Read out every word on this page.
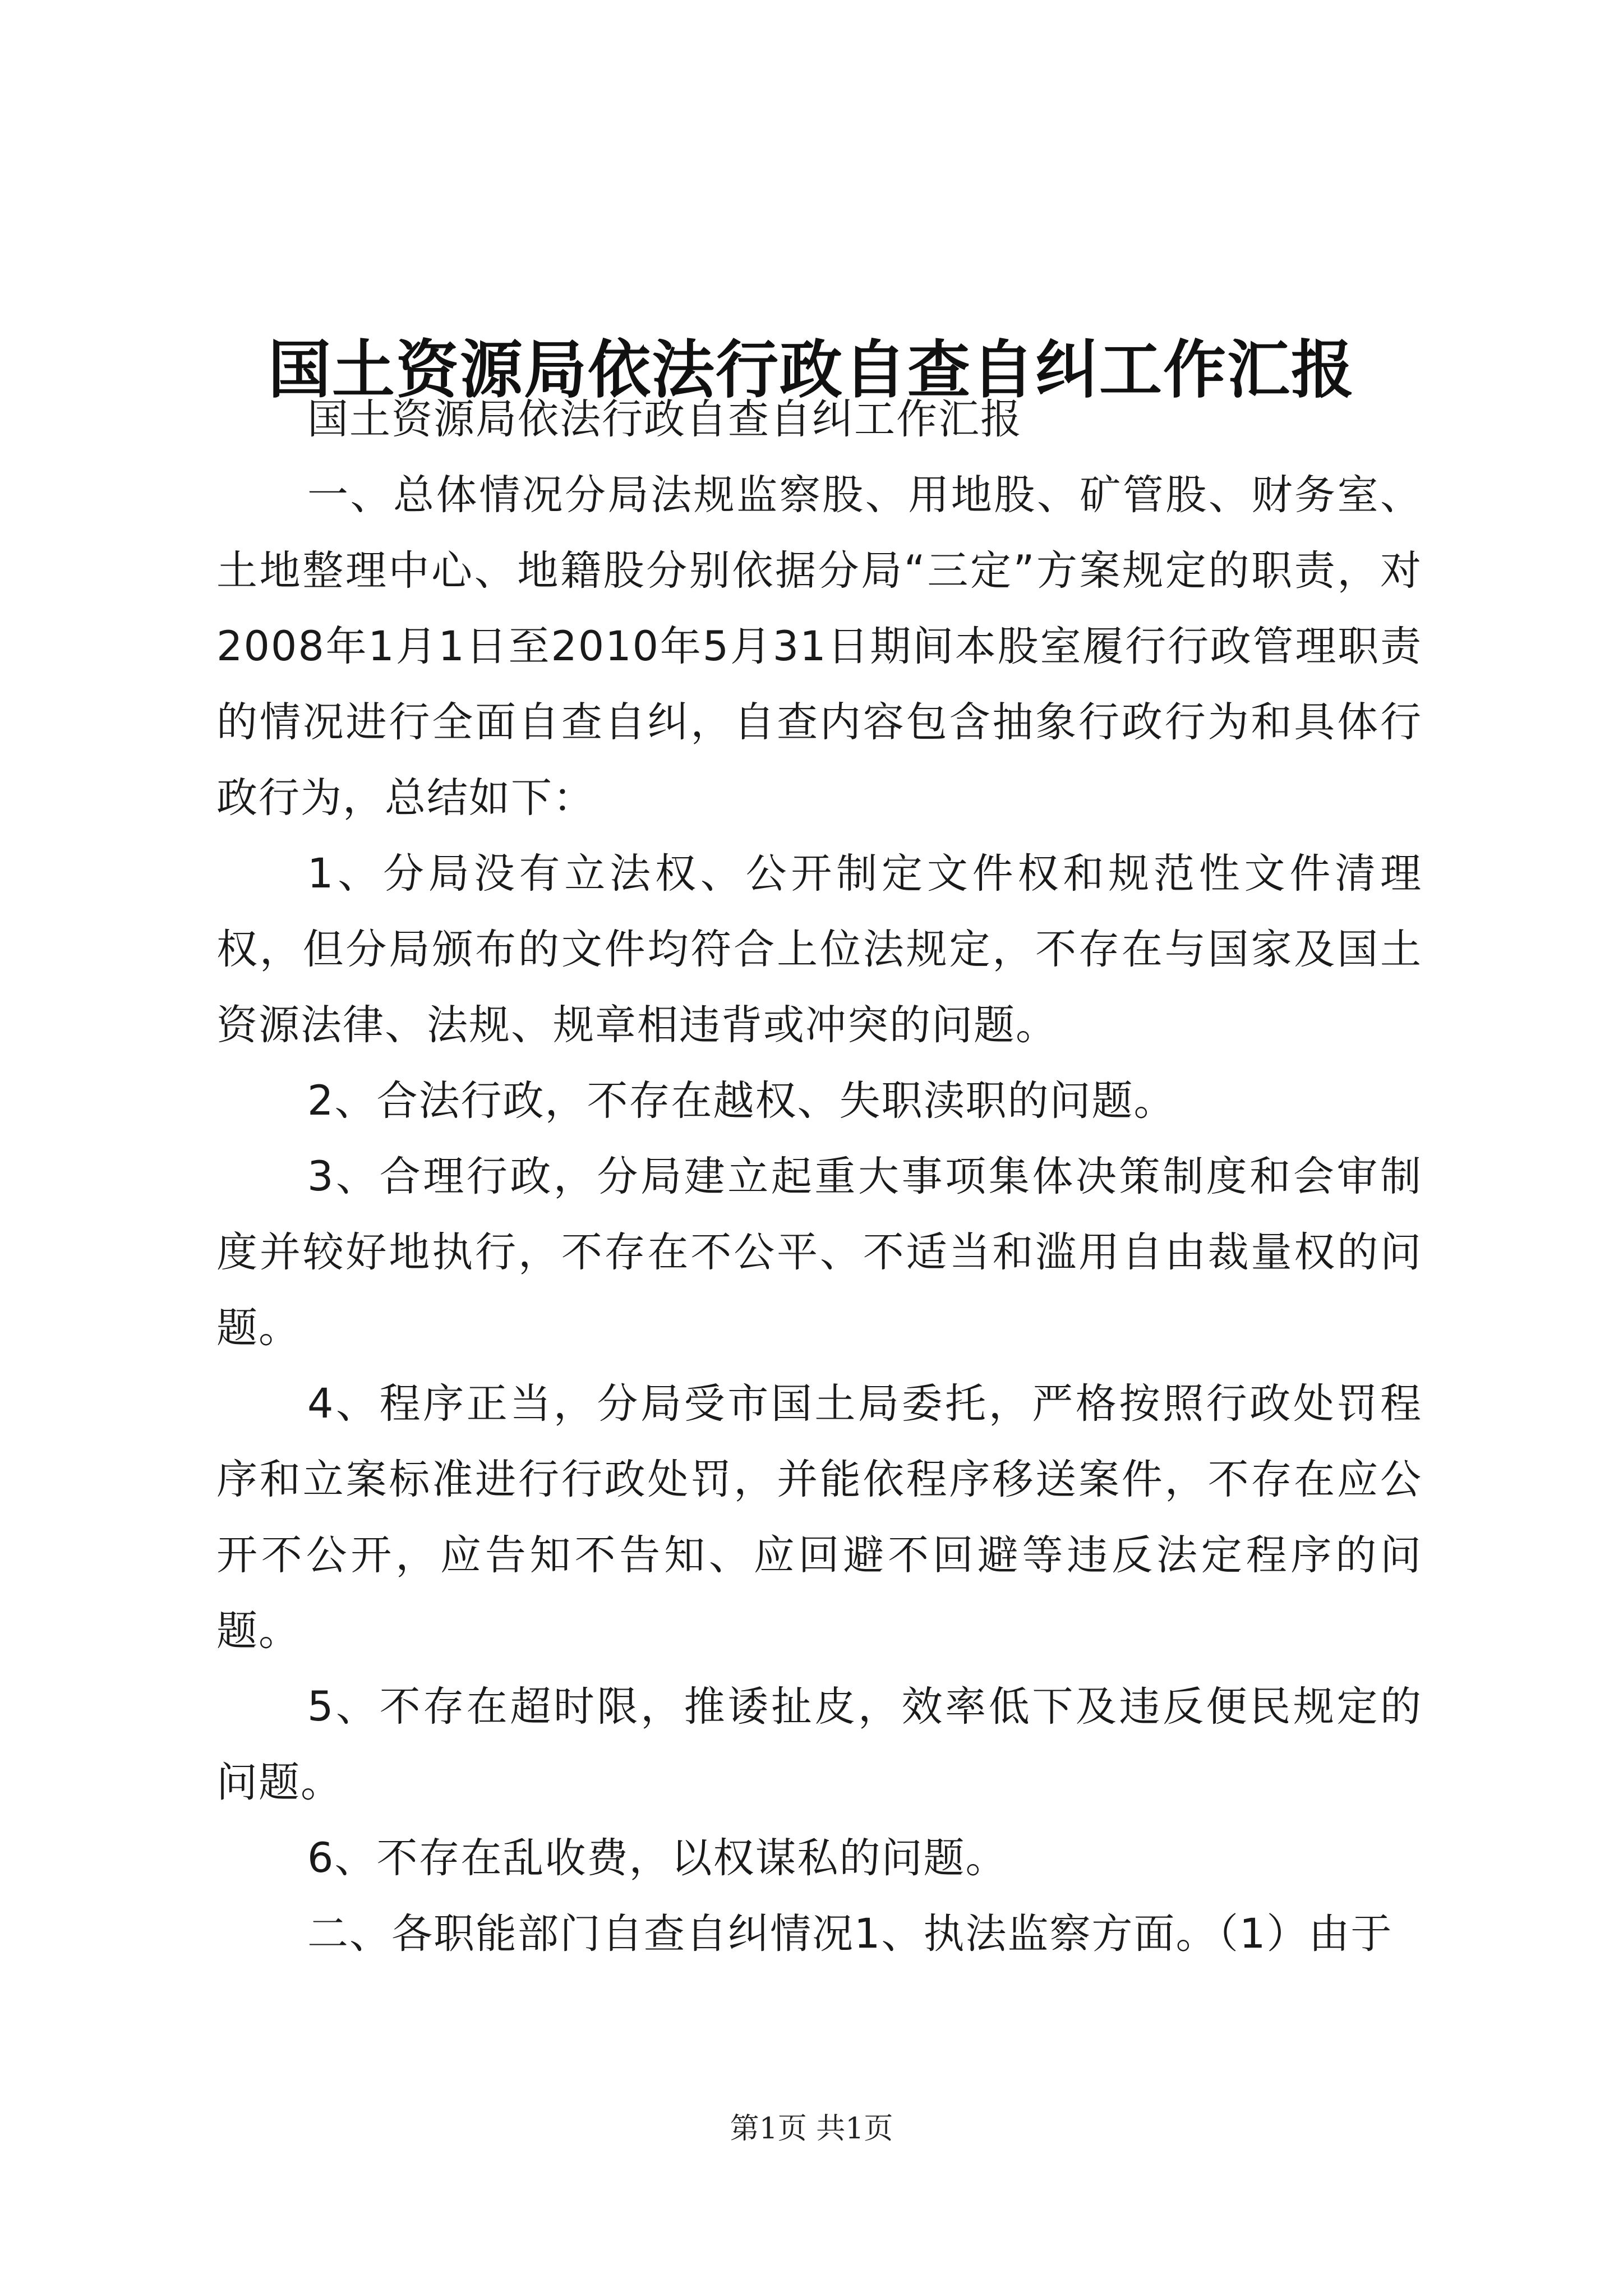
国土资源局依法行政自查自纠工作汇报

国土资源局依法行政自查自纠工作汇报

一、总体情况分局法规监察股、用地股、矿管股、财务室、土地整理中心、地籍股分别依据分局“三定”方案规定的职责，对2008年1月1日至2010年5月31日期间本股室履行行政管理职责的情况进行全面自查自纠，自查内容包含抽象行政行为和具体行政行为，总结如下：

1、分局没有立法权、公开制定文件权和规范性文件清理权，但分局颁布的文件均符合上位法规定，不存在与国家及国土资源法律、法规、规章相违背或冲突的问题。

2、合法行政，不存在越权、失职渎职的问题。

3、合理行政，分局建立起重大事项集体决策制度和会审制度并较好地执行，不存在不公平、不适当和滥用自由裁量权的问题。

4、程序正当，分局受市国土局委托，严格按照行政处罚程序和立案标准进行行政处罚，并能依程序移送案件，不存在应公开不公开，应告知不告知、应回避不回避等违反法定程序的问题。

5、不存在超时限，推诿扯皮，效率低下及违反便民规定的问题。

6、不存在乱收费，以权谋私的问题。

二、各职能部门自查自纠情况1、执法监察方面。（1）由于

第1页 共1页
